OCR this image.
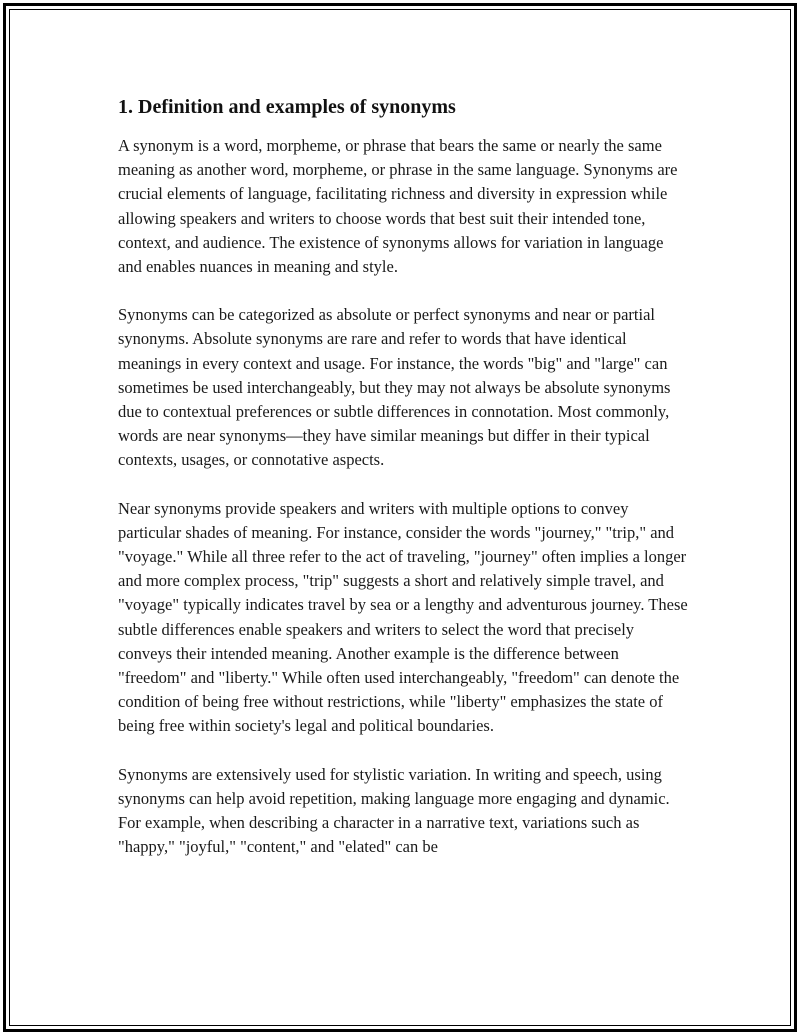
1. Definition and examples of synonyms

A synonym is a word, morpheme, or phrase that bears the same or nearly the same meaning as another word, morpheme, or phrase in the same language. Synonyms are crucial elements of language, facilitating richness and diversity in expression while allowing speakers and writers to choose words that best suit their intended tone, context, and audience. The existence of synonyms allows for variation in language and enables nuances in meaning and style.

Synonyms can be categorized as absolute or perfect synonyms and near or partial synonyms. Absolute synonyms are rare and refer to words that have identical meanings in every context and usage. For instance, the words "big" and "large" can sometimes be used interchangeably, but they may not always be absolute synonyms due to contextual preferences or subtle differences in connotation. Most commonly, words are near synonyms—they have similar meanings but differ in their typical contexts, usages, or connotative aspects.

Near synonyms provide speakers and writers with multiple options to convey particular shades of meaning. For instance, consider the words "journey," "trip," and "voyage." While all three refer to the act of traveling, "journey" often implies a longer and more complex process, "trip" suggests a short and relatively simple travel, and "voyage" typically indicates travel by sea or a lengthy and adventurous journey. These subtle differences enable speakers and writers to select the word that precisely conveys their intended meaning. Another example is the difference between "freedom" and "liberty." While often used interchangeably, "freedom" can denote the condition of being free without restrictions, while "liberty" emphasizes the state of being free within society's legal and political boundaries.

Synonyms are extensively used for stylistic variation. In writing and speech, using synonyms can help avoid repetition, making language more engaging and dynamic. For example, when describing a character in a narrative text, variations such as "happy," "joyful," "content," and "elated" can be
